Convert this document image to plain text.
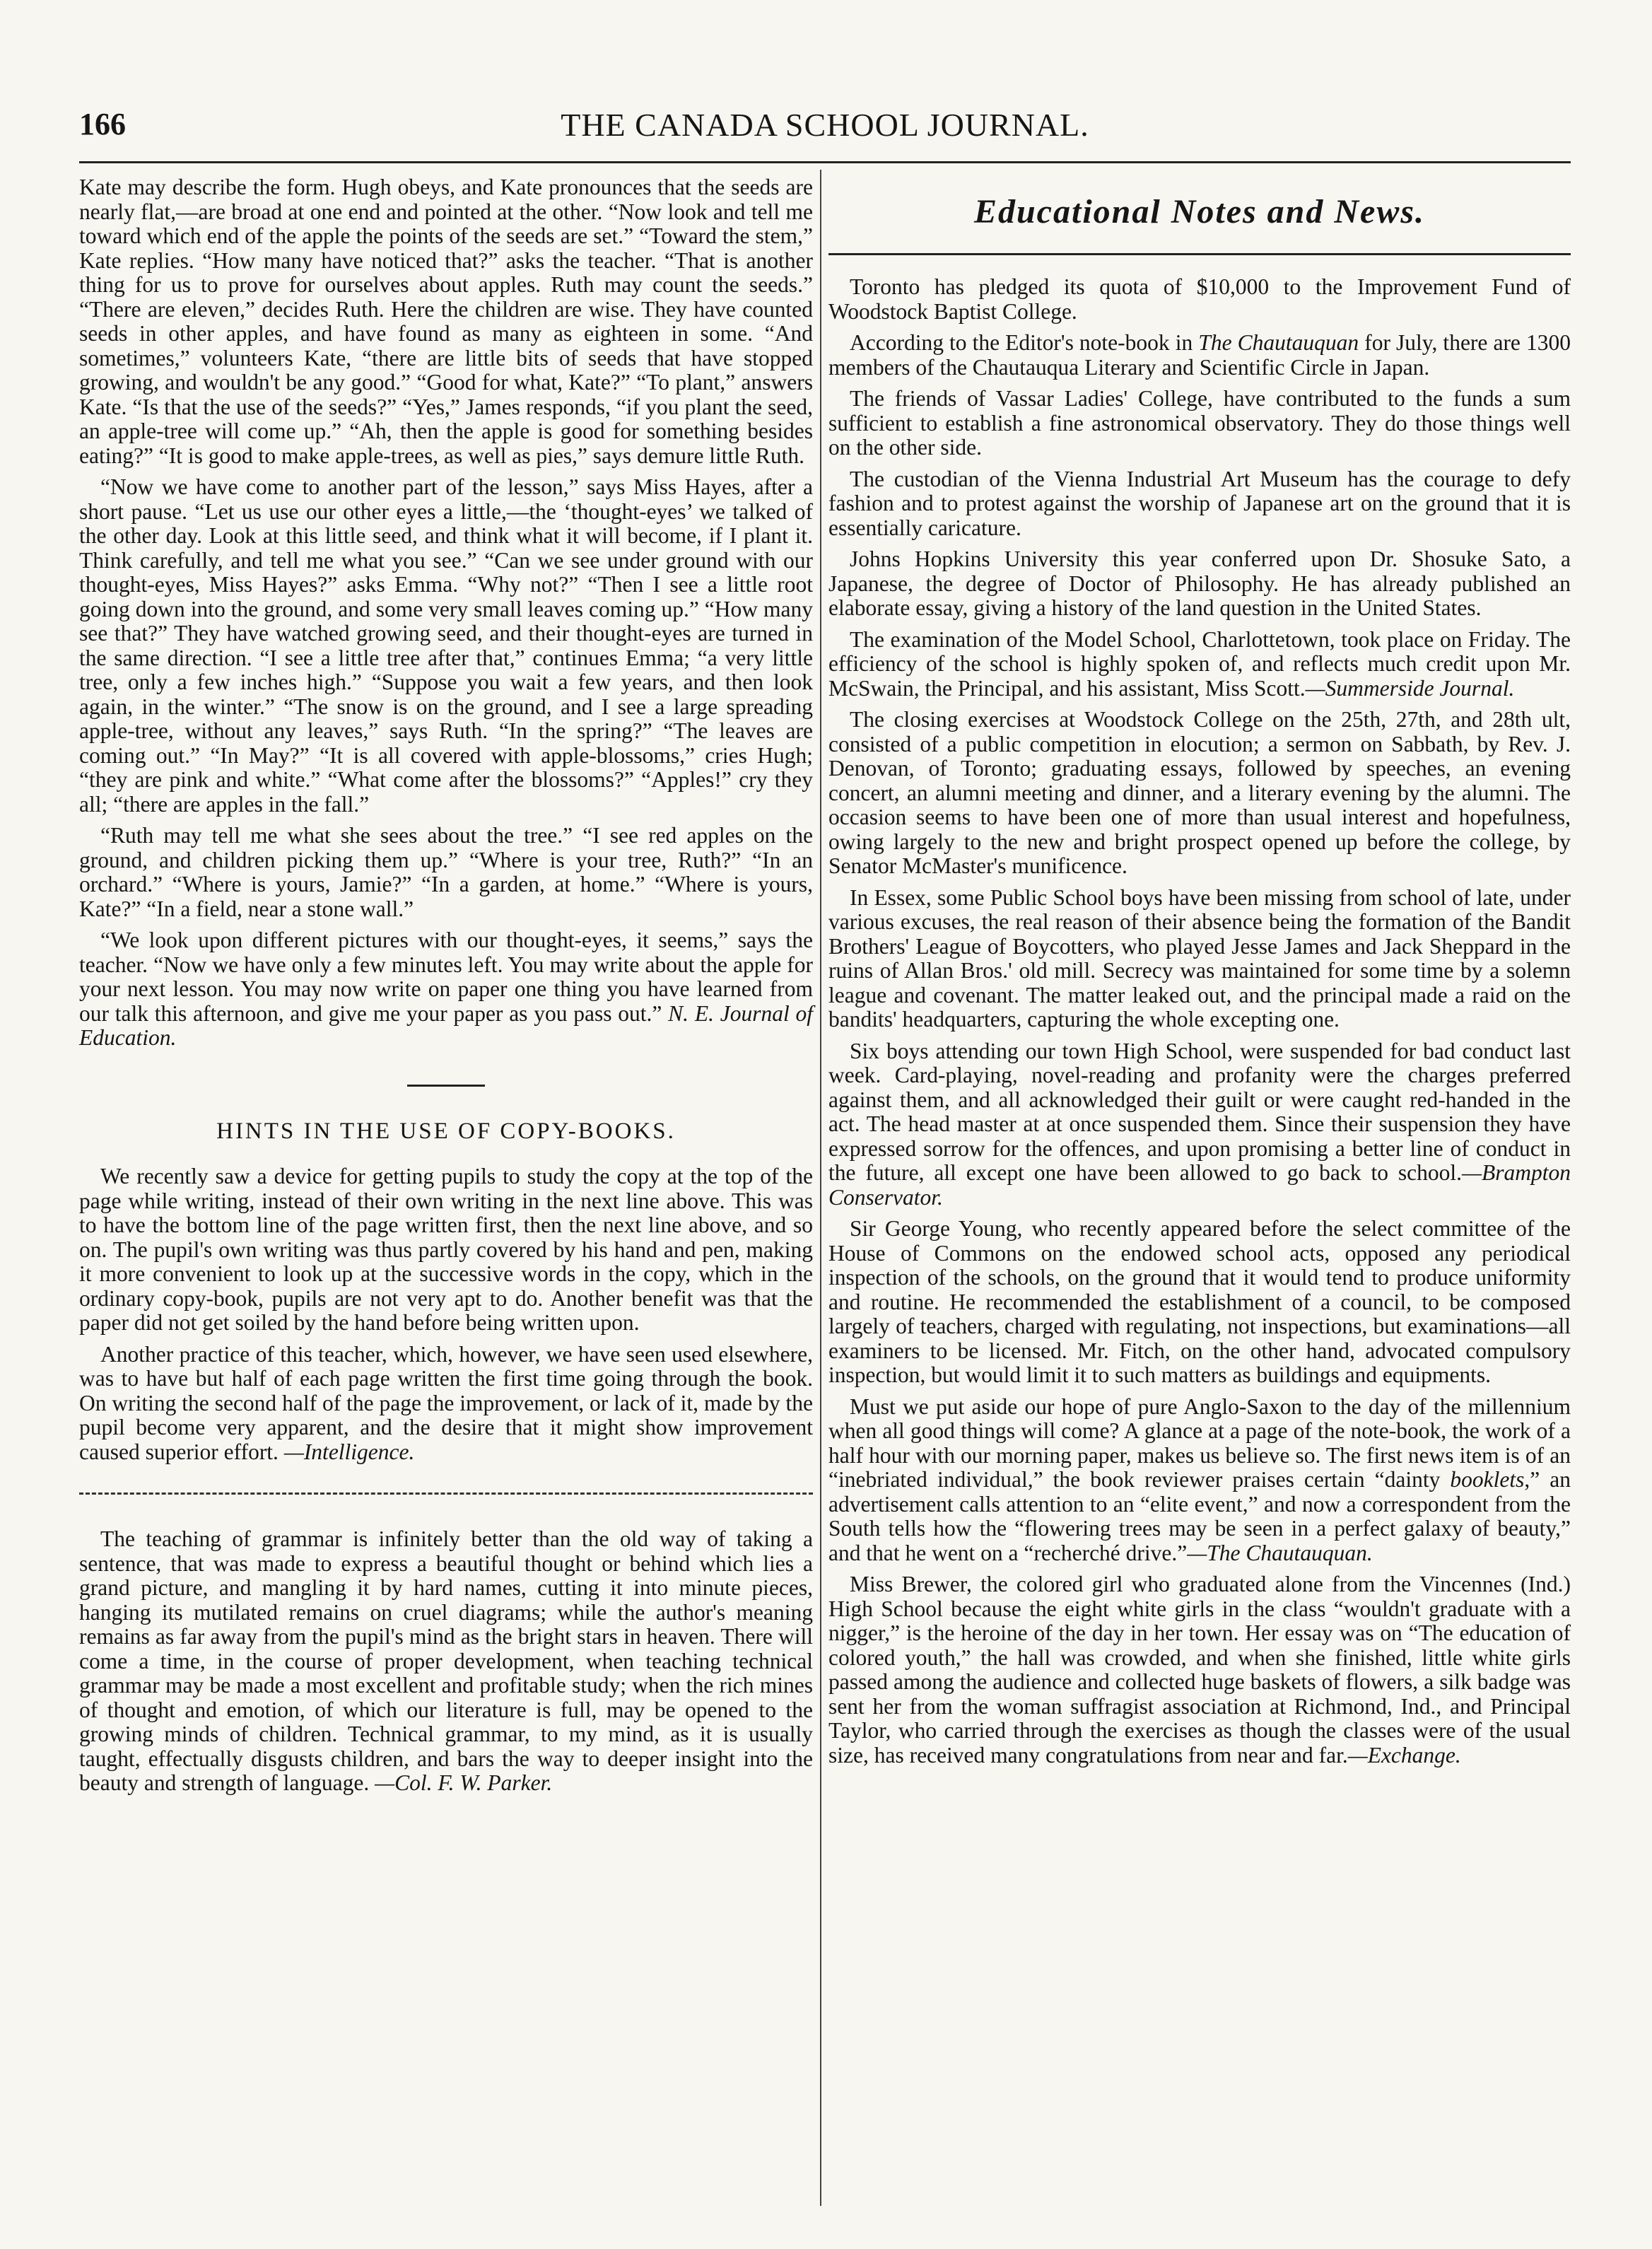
166	THE CANADA SCHOOL JOURNAL.

Kate may describe the form. Hugh obeys, and Kate pronounces that the seeds are nearly flat,—are broad at one end and pointed at the other. “Now look and tell me toward which end of the apple the points of the seeds are set.” “Toward the stem,” Kate replies. “How many have noticed that?” asks the teacher. “That is another thing for us to prove for ourselves about apples. Ruth may count the seeds.” “There are eleven,” decides Ruth. Here the children are wise. They have counted seeds in other apples, and have found as many as eighteen in some. “And sometimes,” volunteers Kate, “there are little bits of seeds that have stopped growing, and wouldn't be any good.” “Good for what, Kate?” “To plant,” answers Kate. “Is that the use of the seeds?” “Yes,” James responds, “if you plant the seed, an apple-tree will come up.” “Ah, then the apple is good for something besides eating?” “It is good to make apple-trees, as well as pies,” says demure little Ruth.

“Now we have come to another part of the lesson,” says Miss Hayes, after a short pause. “Let us use our other eyes a little,—the ‘thought-eyes’ we talked of the other day. Look at this little seed, and think what it will become, if I plant it. Think carefully, and tell me what you see.” “Can we see under ground with our thought-eyes, Miss Hayes?” asks Emma. “Why not?” “Then I see a little root going down into the ground, and some very small leaves coming up.” “How many see that?” They have watched growing seed, and their thought-eyes are turned in the same direction. “I see a little tree after that,” continues Emma; “a very little tree, only a few inches high.” “Suppose you wait a few years, and then look again, in the winter.” “The snow is on the ground, and I see a large spreading apple-tree, without any leaves,” says Ruth. “In the spring?” “The leaves are coming out.” “In May?” “It is all covered with apple-blossoms,” cries Hugh; “they are pink and white.” “What come after the blossoms?” “Apples!” cry they all; “there are apples in the fall.”

“Ruth may tell me what she sees about the tree.” “I see red apples on the ground, and children picking them up.” “Where is your tree, Ruth?” “In an orchard.” “Where is yours, Jamie?” “In a garden, at home.” “Where is yours, Kate?” “In a field, near a stone wall.”

“We look upon different pictures with our thought-eyes, it seems,” says the teacher. “Now we have only a few minutes left. You may write about the apple for your next lesson. You may now write on paper one thing you have learned from our talk this afternoon, and give me your paper as you pass out.” N. E. Journal of Education.

HINTS IN THE USE OF COPY-BOOKS.

We recently saw a device for getting pupils to study the copy at the top of the page while writing, instead of their own writing in the next line above. This was to have the bottom line of the page written first, then the next line above, and so on. The pupil's own writing was thus partly covered by his hand and pen, making it more convenient to look up at the successive words in the copy, which in the ordinary copy-book, pupils are not very apt to do. Another benefit was that the paper did not get soiled by the hand before being written upon.

Another practice of this teacher, which, however, we have seen used elsewhere, was to have but half of each page written the first time going through the book. On writing the second half of the page the improvement, or lack of it, made by the pupil become very apparent, and the desire that it might show improvement caused superior effort. —Intelligence.

The teaching of grammar is infinitely better than the old way of taking a sentence, that was made to express a beautiful thought or behind which lies a grand picture, and mangling it by hard names, cutting it into minute pieces, hanging its mutilated remains on cruel diagrams; while the author's meaning remains as far away from the pupil's mind as the bright stars in heaven. There will come a time, in the course of proper development, when teaching technical grammar may be made a most excellent and profitable study; when the rich mines of thought and emotion, of which our literature is full, may be opened to the growing minds of children. Technical grammar, to my mind, as it is usually taught, effectually disgusts children, and bars the way to deeper insight into the beauty and strength of language. —Col. F. W. Parker.

Educational Notes and News.

Toronto has pledged its quota of $10,000 to the Improvement Fund of Woodstock Baptist College.

According to the Editor's note-book in The Chautauquan for July, there are 1300 members of the Chautauqua Literary and Scientific Circle in Japan.

The friends of Vassar Ladies' College, have contributed to the funds a sum sufficient to establish a fine astronomical observatory. They do those things well on the other side.

The custodian of the Vienna Industrial Art Museum has the courage to defy fashion and to protest against the worship of Japanese art on the ground that it is essentially caricature.

Johns Hopkins University this year conferred upon Dr. Shosuke Sato, a Japanese, the degree of Doctor of Philosophy. He has already published an elaborate essay, giving a history of the land question in the United States.

The examination of the Model School, Charlottetown, took place on Friday. The efficiency of the school is highly spoken of, and reflects much credit upon Mr. McSwain, the Principal, and his assistant, Miss Scott.—Summerside Journal.

The closing exercises at Woodstock College on the 25th, 27th, and 28th ult, consisted of a public competition in elocution; a sermon on Sabbath, by Rev. J. Denovan, of Toronto; graduating essays, followed by speeches, an evening concert, an alumni meeting and dinner, and a literary evening by the alumni. The occasion seems to have been one of more than usual interest and hopefulness, owing largely to the new and bright prospect opened up before the college, by Senator McMaster's munificence.

In Essex, some Public School boys have been missing from school of late, under various excuses, the real reason of their absence being the formation of the Bandit Brothers' League of Boycotters, who played Jesse James and Jack Sheppard in the ruins of Allan Bros.' old mill. Secrecy was maintained for some time by a solemn league and covenant. The matter leaked out, and the principal made a raid on the bandits' headquarters, capturing the whole excepting one.

Six boys attending our town High School, were suspended for bad conduct last week. Card-playing, novel-reading and profanity were the charges preferred against them, and all acknowledged their guilt or were caught red-handed in the act. The head master at at once suspended them. Since their suspension they have expressed sorrow for the offences, and upon promising a better line of conduct in the future, all except one have been allowed to go back to school.—Brampton Conservator.

Sir George Young, who recently appeared before the select committee of the House of Commons on the endowed school acts, opposed any periodical inspection of the schools, on the ground that it would tend to produce uniformity and routine. He recommended the establishment of a council, to be composed largely of teachers, charged with regulating, not inspections, but examinations—all examiners to be licensed. Mr. Fitch, on the other hand, advocated compulsory inspection, but would limit it to such matters as buildings and equipments.

Must we put aside our hope of pure Anglo-Saxon to the day of the millennium when all good things will come? A glance at a page of the note-book, the work of a half hour with our morning paper, makes us believe so. The first news item is of an “inebriated individual,” the book reviewer praises certain “dainty booklets,” an advertisement calls attention to an “elite event,” and now a correspondent from the South tells how the “flowering trees may be seen in a perfect galaxy of beauty,” and that he went on a “recherché drive.”—The Chautauquan.

Miss Brewer, the colored girl who graduated alone from the Vincennes (Ind.) High School because the eight white girls in the class “wouldn't graduate with a nigger,” is the heroine of the day in her town. Her essay was on “The education of colored youth,” the hall was crowded, and when she finished, little white girls passed among the audience and collected huge baskets of flowers, a silk badge was sent her from the woman suffragist association at Richmond, Ind., and Principal Taylor, who carried through the exercises as though the classes were of the usual size, has received many congratulations from near and far.—Exchange.
